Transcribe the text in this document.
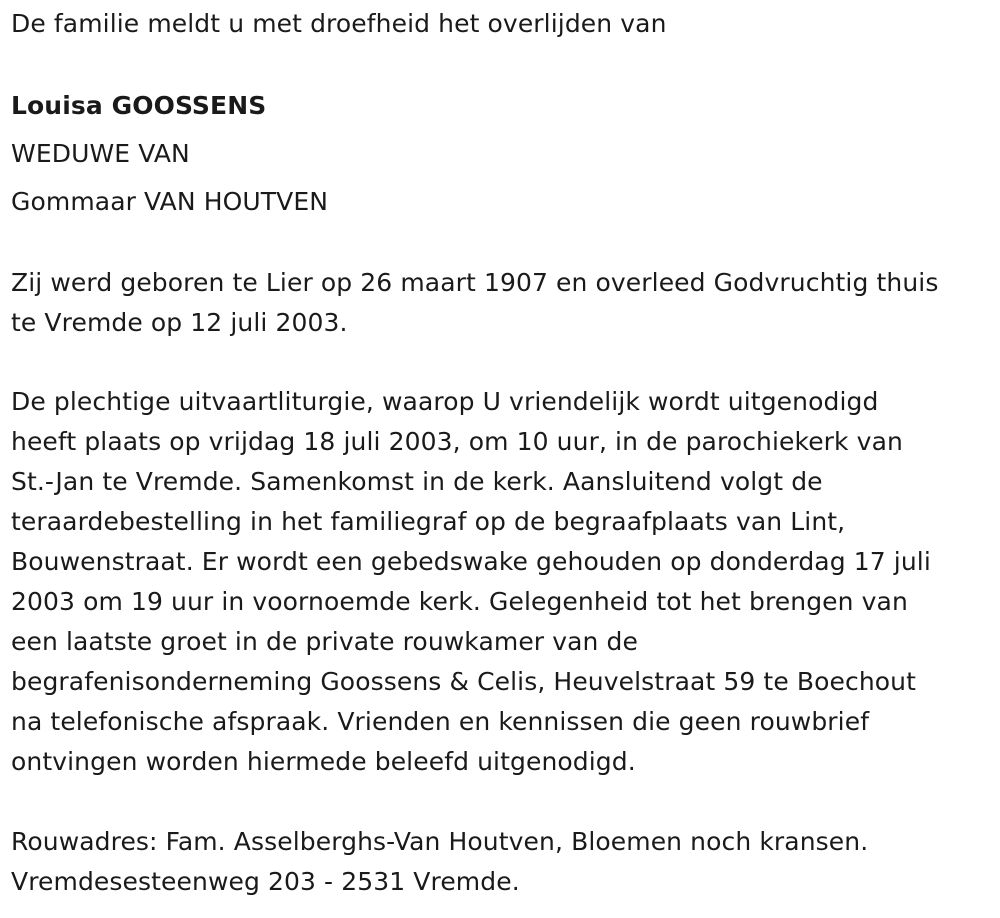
De familie meldt u met droefheid het overlijden van
Louisa GOOSSENS
WEDUWE VAN
Gommaar VAN HOUTVEN
Zij werd geboren te Lier op 26 maart 1907 en overleed Godvruchtig thuis
te Vremde op 12 juli 2003.
De plechtige uitvaartliturgie, waarop U vriendelijk wordt uitgenodigd
heeft plaats op vrijdag 18 juli 2003, om 10 uur, in de parochiekerk van
St.-Jan te Vremde. Samenkomst in de kerk. Aansluitend volgt de
teraardebestelling in het familiegraf op de begraafplaats van Lint,
Bouwenstraat. Er wordt een gebedswake gehouden op donderdag 17 juli
2003 om 19 uur in voornoemde kerk. Gelegenheid tot het brengen van
een laatste groet in de private rouwkamer van de
begrafenisonderneming Goossens & Celis, Heuvelstraat 59 te Boechout
na telefonische afspraak. Vrienden en kennissen die geen rouwbrief
ontvingen worden hiermede beleefd uitgenodigd.
Rouwadres: Fam. Asselberghs-Van Houtven, Bloemen noch kransen.
Vremdesesteenweg 203 - 2531 Vremde.
